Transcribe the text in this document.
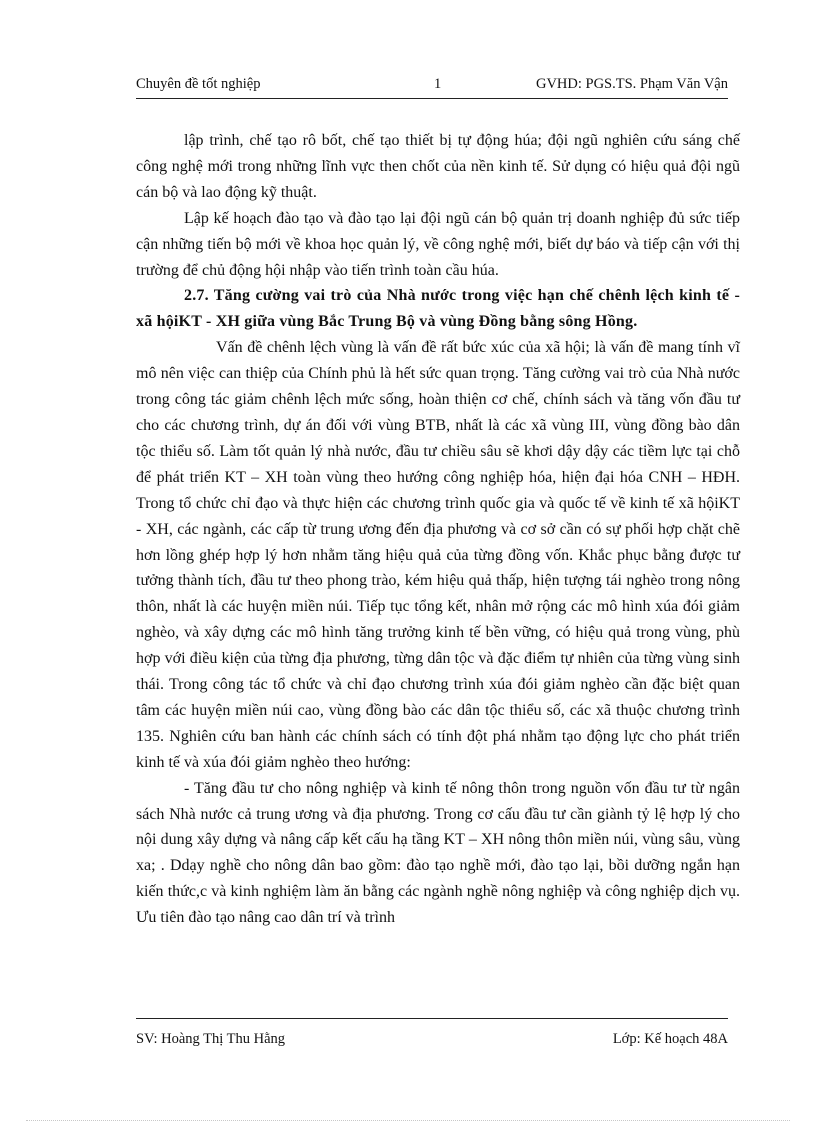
Chuyên đề tốt nghiệp	1	GVHD: PGS.TS. Phạm Văn Vận

lập trình, chế tạo rô bốt, chế tạo thiết bị tự động húa; đội ngũ nghiên cứu sáng chế công nghệ mới trong những lĩnh vực then chốt của nền kinh tế. Sử dụng có hiệu quả đội ngũ cán bộ và lao động kỹ thuật.

Lập kế hoạch đào tạo và đào tạo lại đội ngũ cán bộ quản trị doanh nghiệp đủ sức tiếp cận những tiến bộ mới về khoa học quản lý, về công nghệ mới, biết dự báo và tiếp cận với thị trường để chủ động hội nhập vào tiến trình toàn cầu húa.

2.7. Tăng cường vai trò của Nhà nước trong việc hạn chế chênh lệch kinh tế - xã hộiKT - XH giữa vùng Bắc Trung Bộ và vùng Đồng bằng sông Hồng.

Vấn đề chênh lệch vùng là vấn đề rất bức xúc của xã hội; là vấn đề mang tính vĩ mô nên việc can thiệp của Chính phủ là hết sức quan trọng. Tăng cường vai trò của Nhà nước trong công tác giảm chênh lệch mức sống, hoàn thiện cơ chế, chính sách và tăng vốn đầu tư cho các chương trình, dự án đối với vùng BTB, nhất là các xã vùng III, vùng đồng bào dân tộc thiểu số. Làm tốt quản lý nhà nước, đầu tư chiều sâu sẽ khơi dậy dậy các tiềm lực tại chỗ để phát triển KT – XH toàn vùng theo hướng công nghiệp hóa, hiện đại hóa CNH – HĐH. Trong tổ chức chỉ đạo và thực hiện các chương trình quốc gia và quốc tế về kinh tế xã hộiKT - XH, các ngành, các cấp từ trung ương đến địa phương và cơ sở cần có sự phối hợp chặt chẽ hơn lồng ghép hợp lý hơn nhằm tăng hiệu quả của từng đồng vốn. Khắc phục bằng được tư tưởng thành tích, đầu tư theo phong trào, kém hiệu quả thấp, hiện tượng tái nghèo trong nông thôn, nhất là các huyện miền núi. Tiếp tục tổng kết, nhân mở rộng các mô hình xúa đói giảm nghèo, và xây dựng các mô hình tăng trưởng kinh tế bền vững, có hiệu quả trong vùng, phù hợp với điều kiện của từng địa phương, từng dân tộc và đặc điểm tự nhiên của từng vùng sinh thái. Trong công tác tổ chức và chỉ đạo chương trình xúa đói giảm nghèo cần đặc biệt quan tâm các huyện miền núi cao, vùng đồng bào các dân tộc thiểu số, các xã thuộc chương trình 135. Nghiên cứu ban hành các chính sách có tính đột phá nhằm tạo động lực cho phát triển kinh tế và xúa đói giảm nghèo theo hướng:

- Tăng đầu tư cho nông nghiệp và kinh tế nông thôn trong nguồn vốn đầu tư từ ngân sách Nhà nước cả trung ương và địa phương. Trong cơ cấu đầu tư cần giành tỷ lệ hợp lý cho nội dung xây dựng và nâng cấp kết cấu hạ tầng KT – XH nông thôn miền núi, vùng sâu, vùng xa; . Ddạy nghề cho nông dân bao gồm: đào tạo nghề mới, đào tạo lại, bồi dưỡng ngắn hạn kiến thức,c và kinh nghiệm làm ăn bằng các ngành nghề nông nghiệp và công nghiệp dịch vụ. Ưu tiên đào tạo nâng cao dân trí và trình

SV: Hoàng Thị Thu Hằng	Lớp: Kế hoạch 48A
